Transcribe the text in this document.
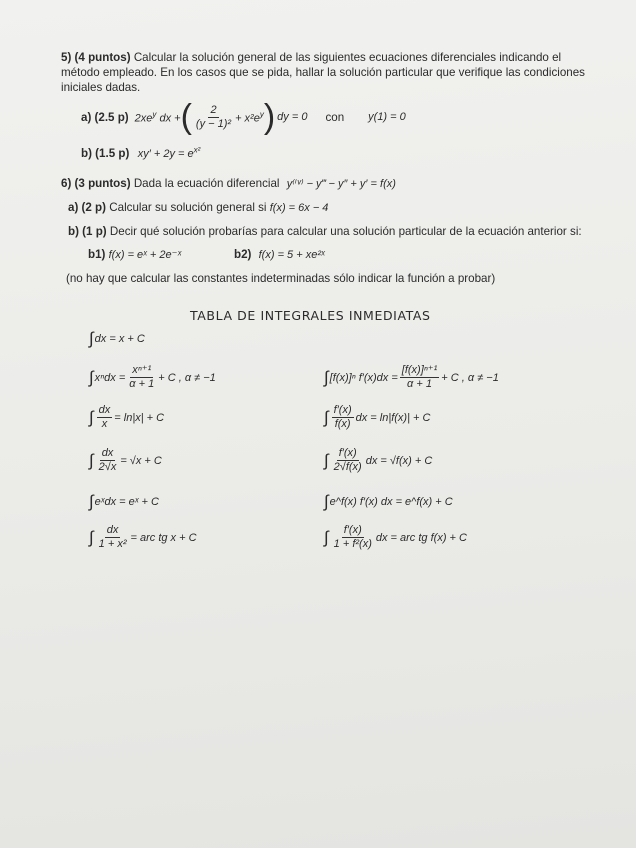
5) (4 puntos) Calcular la solución general de las siguientes ecuaciones diferenciales indicando el
método empleado. En los casos que se pida, hallar la solución particular que verifique las condiciones
iniciales dadas.
a) (2.5 p) $2xe^y$ dx + ( $\frac{2}{\text{(y − 1)²}} + x^2e^y$ ) dy = 0 con y(1) = 0
b) (1.5 p) $xy' + 2y = e^{x^2}$
6) (3 puntos) Dada la ecuación diferencial y⁽ⁱᵛ⁾ − y‴ − y″ + y′ = f(x)
a) (2 p) Calcular su solución general si f(x) = 6x − 4
b) (1 p) Decir qué solución probarías para calcular una solución particular de la ecuación anterior si:
b1) f(x) = eˣ + 2e⁻ˣ	b2) f(x) = 5 + xe²ˣ
(no hay que calcular las constantes indeterminadas sólo indicar la función a probar)
TABLA DE INTEGRALES INMEDIATAS
∫dx = x + C
∫ $x^ndx = \frac{\text{xⁿ⁺¹}}{\alpha + 1} + C$ , α ≠ −1	∫ [f(x)]ⁿ $f'(x)dx = \frac{\text{[f(x)]ⁿ⁺¹}}{\alpha + 1} + C$ , α ≠ −1
∫ $\frac{dx}{x} = \ln|x| + C$	∫ $\frac{f'(x)}{f(x)}$ dx = ln|f(x)| + C
∫ $\frac{dx}{2√x} = √x + C$	∫ $\frac{f'(x)}{2√f(x)}$ dx = √f(x) + C
∫eˣdx = eˣ + C	∫e^f(x) f′(x) dx = e^f(x) + C
∫ $\frac{dx}{\text{1 + x²}}$ = arc tg x + C	∫ $\frac{f'(x)}{\text{1 + f²(x)}}$ dx = arc tg f(x) + C
